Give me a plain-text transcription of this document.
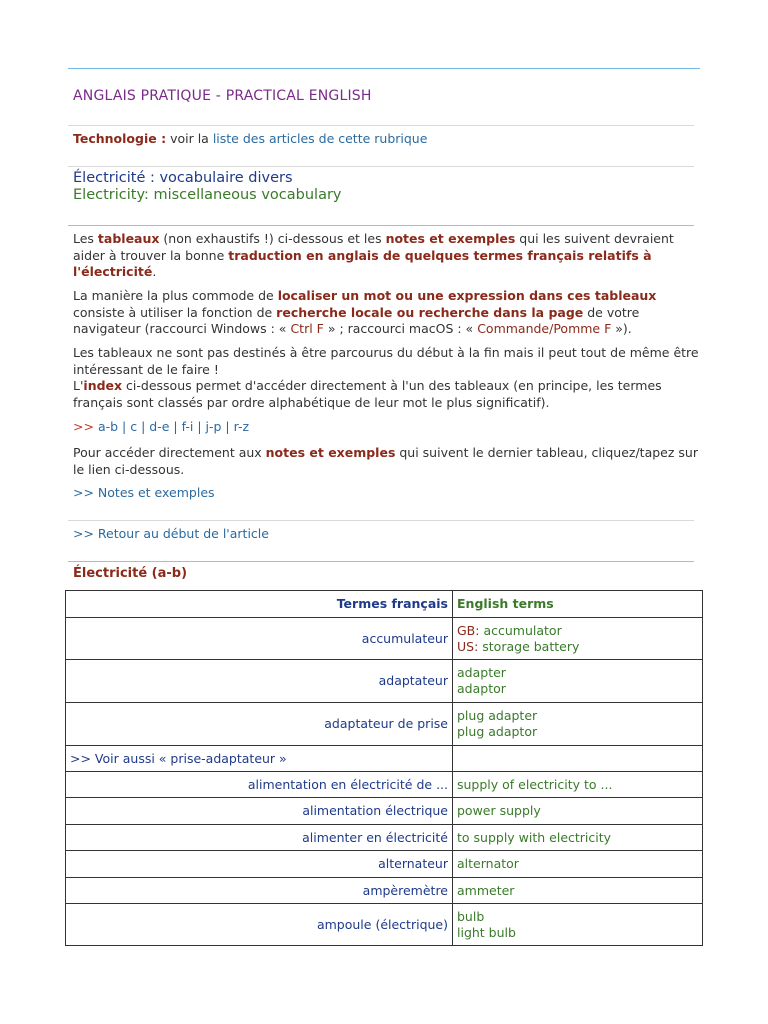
ANGLAIS PRATIQUE - PRACTICAL ENGLISH
Technologie : voir la liste des articles de cette rubrique
Électricité : vocabulaire divers
Electricity: miscellaneous vocabulary
Les tableaux (non exhaustifs !) ci-dessous et les notes et exemples qui les suivent devraient aider à trouver la bonne traduction en anglais de quelques termes français relatifs à l'électricité.
La manière la plus commode de localiser un mot ou une expression dans ces tableaux consiste à utiliser la fonction de recherche locale ou recherche dans la page de votre navigateur (raccourci Windows : « Ctrl F » ; raccourci macOS : « Commande/Pomme F »).
Les tableaux ne sont pas destinés à être parcourus du début à la fin mais il peut tout de même être intéressant de le faire !
L'index ci-dessous permet d'accéder directement à l'un des tableaux (en principe, les termes français sont classés par ordre alphabétique de leur mot le plus significatif).
>> a-b | c | d-e | f-i | j-p | r-z
Pour accéder directement aux notes et exemples qui suivent le dernier tableau, cliquez/tapez sur le lien ci-dessous.
>> Notes et exemples
>> Retour au début de l'article
Électricité (a-b)
Termes français	English terms
accumulateur	GB: accumulator
US: storage battery

adaptateur	adapter
adaptor

adaptateur de prise	plug adapter
plug adaptor

>> Voir aussi « prise-adaptateur »	
alimentation en électricité de ...	supply of electricity to ...
alimentation électrique	power supply
alimenter en électricité	to supply with electricity
alternateur	alternator
ampèremètre	ammeter
ampoule (électrique)	bulb
light bulb
